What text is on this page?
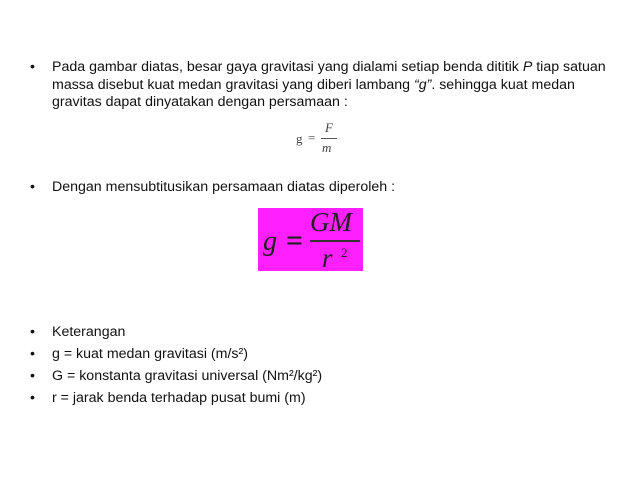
•	Pada gambar diatas, besar gaya gravitasi yang dialami setiap benda dititik P tiap satuan
massa disebut kuat medan gravitasi yang diberi lambang “g”. sehingga kuat medan
gravitas dapat dinyatakan dengan persamaan :
g =
F
m
•	Dengan mensubtitusikan persamaan diatas diperoleh :
g =
GM
r 2
•	Keterangan
•	g = kuat medan gravitasi (m/s²)
•	G = konstanta gravitasi universal (Nm²/kg²)
•	r = jarak benda terhadap pusat bumi (m)
